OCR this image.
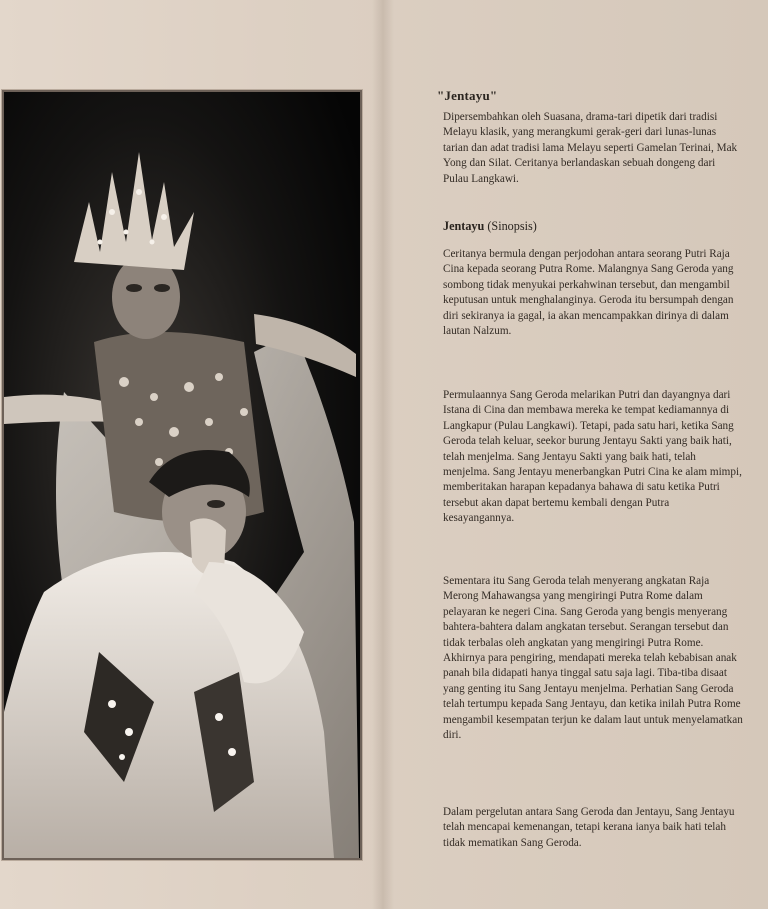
"Jentayu"

Dipersembahkan oleh Suasana, drama-tari dipetik dari tradisi Melayu klasik, yang merangkumi gerak-geri dari lunas-lunas tarian dan adat tradisi lama Melayu seperti Gamelan Terinai, Mak Yong dan Silat. Ceritanya berlandaskan sebuah dongeng dari Pulau Langkawi.

Jentayu (Sinopsis)

Ceritanya bermula dengan perjodohan antara seorang Putri Raja Cina kepada seorang Putra Rome. Malangnya Sang Geroda yang sombong tidak menyukai perkahwinan tersebut, dan mengambil keputusan untuk menghalanginya. Geroda itu bersumpah dengan diri sekiranya ia gagal, ia akan mencampakkan dirinya di dalam lautan Nalzum.

Permulaannya Sang Geroda melarikan Putri dan dayangnya dari Istana di Cina dan membawa mereka ke tempat kediamannya di Langkapur (Pulau Langkawi). Tetapi, pada satu hari, ketika Sang Geroda telah keluar, seekor burung Jentayu Sakti yang baik hati, telah menjelma. Sang Jentayu Sakti yang baik hati, telah menjelma. Sang Jentayu menerbangkan Putri Cina ke alam mimpi, memberitakan harapan kepadanya bahawa di satu ketika Putri tersebut akan dapat bertemu kembali dengan Putra kesayangannya.

Sementara itu Sang Geroda telah menyerang angkatan Raja Merong Mahawangsa yang mengiringi Putra Rome dalam pelayaran ke negeri Cina. Sang Geroda yang bengis menyerang bahtera-bahtera dalam angkatan tersebut. Serangan tersebut dan tidak terbalas oleh angkatan yang mengiringi Putra Rome. Akhirnya para pengiring, mendapati mereka telah kebabisan anak panah bila didapati hanya tinggal satu saja lagi. Tiba-tiba disaat yang genting itu Sang Jentayu menjelma. Perhatian Sang Geroda telah tertumpu kepada Sang Jentayu, dan ketika inilah Putra Rome mengambil kesempatan terjun ke dalam laut untuk menyelamatkan diri.

Dalam pergelutan antara Sang Geroda dan Jentayu, Sang Jentayu telah mencapai kemenangan, tetapi kerana ianya baik hati telah tidak mematikan Sang Geroda.
